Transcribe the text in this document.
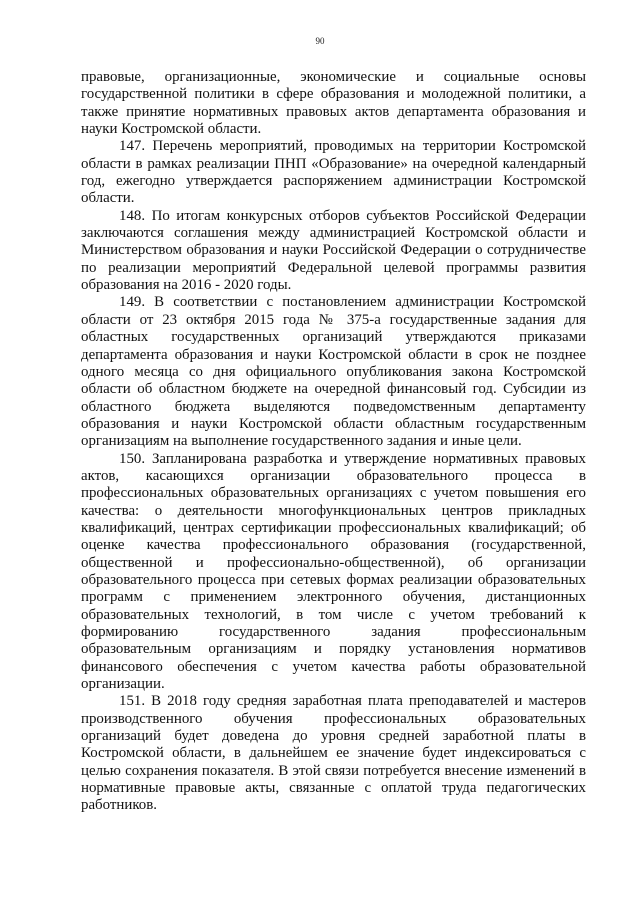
90

правовые, организационные, экономические и социальные основы государственной политики в сфере образования и молодежной политики, а также принятие нормативных правовых актов департамента образования и науки Костромской области.

147. Перечень мероприятий, проводимых на территории Костромской области в рамках реализации ПНП «Образование» на очередной календарный год, ежегодно утверждается распоряжением администрации Костромской области.

148. По итогам конкурсных отборов субъектов Российской Федерации заключаются соглашения между администрацией Костромской области и Министерством образования и науки Российской Федерации о сотрудничестве по реализации мероприятий Федеральной целевой программы развития образования на 2016 - 2020 годы.

149. В соответствии с постановлением администрации Костромской области от 23 октября 2015 года № 375-а государственные задания для областных государственных организаций утверждаются приказами департамента образования и науки Костромской области в срок не позднее одного месяца со дня официального опубликования закона Костромской области об областном бюджете на очередной финансовый год. Субсидии из областного бюджета выделяются подведомственным департаменту образования и науки Костромской области областным государственным организациям на выполнение государственного задания и иные цели.

150. Запланирована разработка и утверждение нормативных правовых актов, касающихся организации образовательного процесса в профессиональных образовательных организациях с учетом повышения его качества: о деятельности многофункциональных центров прикладных квалификаций, центрах сертификации профессиональных квалификаций; об оценке качества профессионального образования (государственной, общественной и профессионально-общественной), об организации образовательного процесса при сетевых формах реализации образовательных программ с применением электронного обучения, дистанционных образовательных технологий, в том числе с учетом требований к формированию государственного задания профессиональным образовательным организациям и порядку установления нормативов финансового обеспечения с учетом качества работы образовательной организации.

151. В 2018 году средняя заработная плата преподавателей и мастеров производственного обучения профессиональных образовательных организаций будет доведена до уровня средней заработной платы в Костромской области, в дальнейшем ее значение будет индексироваться с целью сохранения показателя. В этой связи потребуется внесение изменений в нормативные правовые акты, связанные с оплатой труда педагогических работников.
